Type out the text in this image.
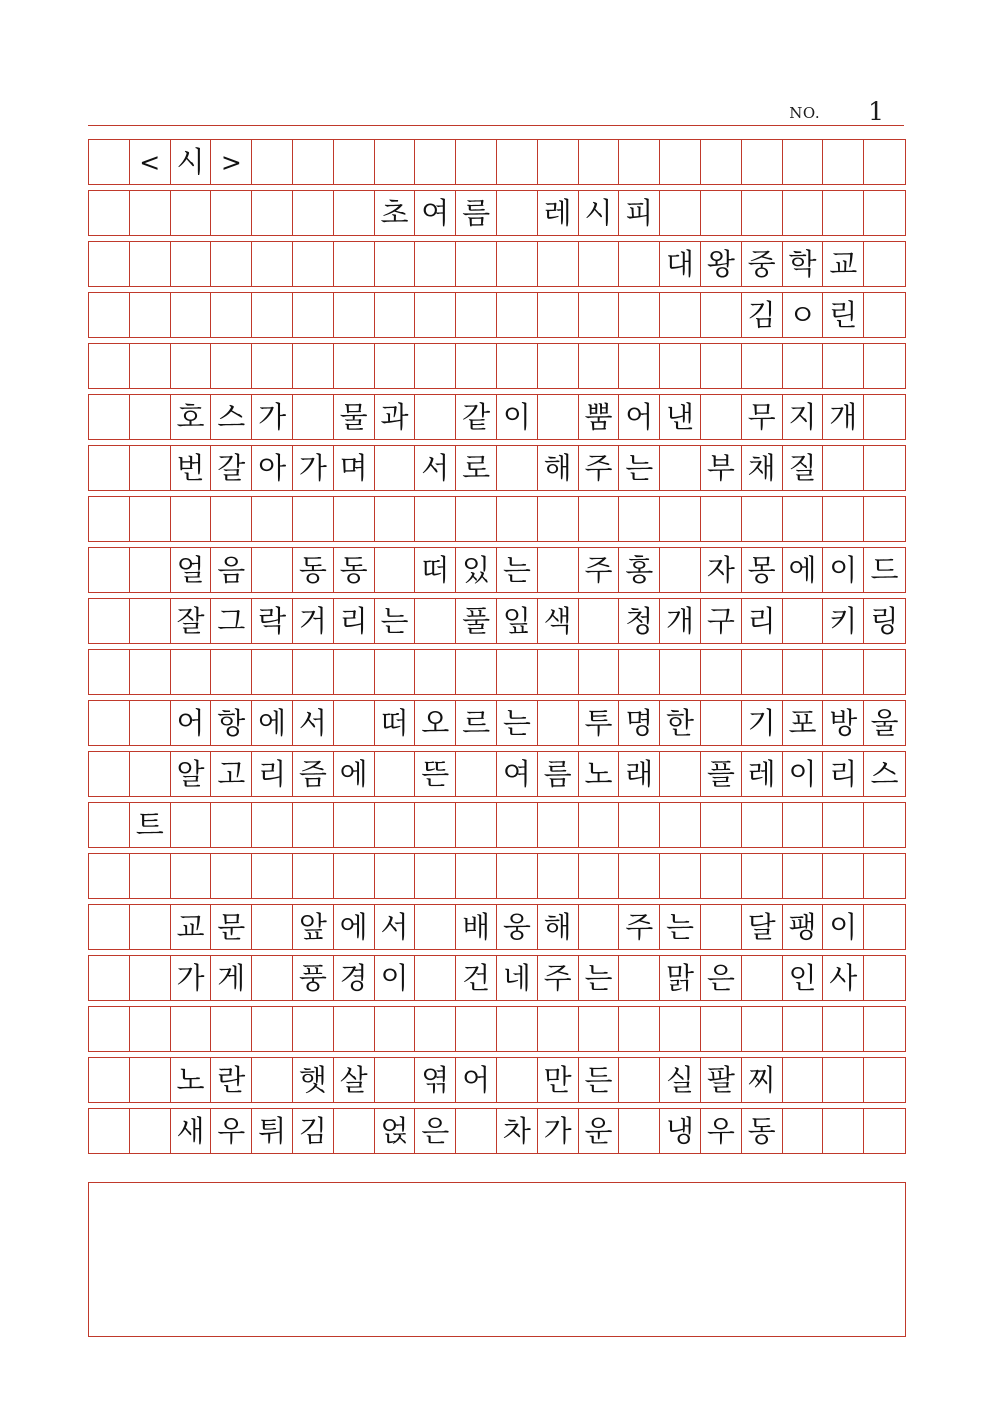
NO. 1
< 시 >
초 여 름 레 시 피
대 왕 중 학 교
김 ㅇ 린
호 스 가 물 과 같 이 뿜 어 낸 무 지 개
번 갈 아 가 며 서 로 해 주 는 부 채 질
얼 음 동 동 떠 있 는 주 홍 자 몽 에 이 드
잘 그 락 거 리 는 풀 잎 색 청 개 구 리 키 링
어 항 에 서 떠 오 르 는 투 명 한 기 포 방 울
알 고 리 즘 에 뜬 여 름 노 래 플 레 이 리 스
트
교 문 앞 에 서 배 웅 해 주 는 달 팽 이
가 게 풍 경 이 건 네 주 는 맑 은 인 사
노 란 햇 살 엮 어 만 든 실 팔 찌
새 우 튀 김 얹 은 차 가 운 냉 우 동
